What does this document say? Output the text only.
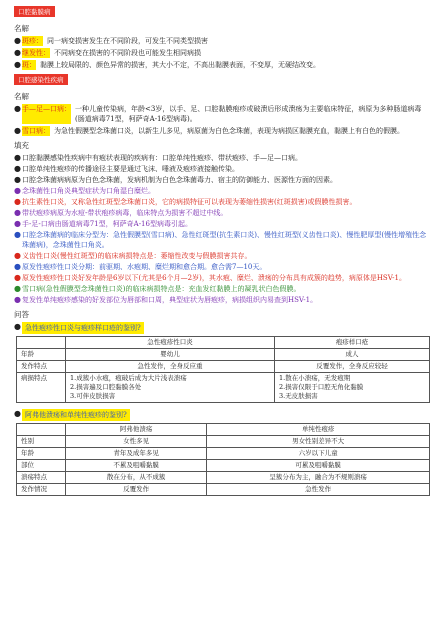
口腔黏膜病
名解
● 斑疹： 同一病变损害发生在不同阶段，可发生不同类型损害
● 继发性： 不同病变在损害的不同阶段也可能发生相同病损
● 斑： 黏膜上较局限的、颜色异常的损害，其大小不定，不高出黏膜表面，不变厚，无硬结改变。
口腔感染性疾病
名解
● 手—足—口病： 一种儿童传染病，年龄<3岁，以手、足、口腔黏膜疱疹或破溃后形成溃疡为主要临床特征，病原为多种肠道病毒(肠道病毒71型，柯萨奇A-16型病毒)。
● 雪口病： 为急性假膜型念珠菌口炎，以新生儿多见，病原菌为白色念珠菌，表现为病损区黏膜充血，黏膜上有白色的假膜。
填充
● 口腔黏膜感染性疾病中有疱状表现的疾病有：口腔单纯性疱疹、带状疱疹、手—足—口病。
● 口腔单纯性疱疹的传播途径主要是通过飞沫、唾液及疱疹液接触传染。
● 口腔念珠菌病病原为白色念珠菌，发病机制为白色念珠菌毒力、宿主的防御能力、医源性方面的因素。
● 念珠菌性口角炎典型症状为口角湿白糜烂。
● 抗生素性口炎，又称急性红斑型念珠菌口炎，它的病损特征可以表现为萎缩性损害(红斑损害)或假膜性损害。
● 带状疱疹病原为水痘-带状疱疹病毒，临床特点为损害不超过中线。
● 手-足-口病由肠道病毒71型，柯萨奇A-16型病毒引起。
● 口腔念珠菌病的临床分型为：急性假膜型(雪口病)、急性红斑型(抗生素口炎)、慢性红斑型(义齿性口炎)、慢性肥厚型(慢性增殖性念珠菌病)，念珠菌性口角炎。
● 义齿性口炎(慢性红斑型)的临床病损特点是：萎缩性改变与假膜损害共存。
● 原发性疱疹性口炎分期：前驱期、水疱期、糜烂期和愈合期。愈合需7—10天。
● 原发性疱疹性口炎好发年龄是6岁以下(尤其是6个月—2岁)，其水疱、糜烂、溃疡的分布具有成簇的趋势，病原体是HSV-1。
● 雪口病(急性假膜型念珠菌性口炎)的临床病损特点是：充血发红黏膜上的凝乳状白色假膜。
● 复发性单纯疱疹感染的好发部位为唇部和口周，典型症状为唇疱疹，病损组织内易查到HSV-1。
问答
● 急性疱疹性口炎与疱疹样口疮的鉴别?
	急性疱疹性口炎	疱疹样口疮
年龄	婴幼儿	成人
发作特点	急性发作，全身反应重	反覆发作，全身反应较轻
病损特点	1.成簇小水疱，疱破后成为大片浅表溃疡
2.损害遍及口腔黏膜各处
3.可伴皮肤损害	1.散在小溃疡，无发疱期
2.损害仅限于口腔无角化黏膜
3.无皮肤损害
● 阿弗他溃疡和单纯性疱疹的鉴别?
	阿弗他溃疡	单纯性疱疹
性别	女性多见	男女性别差异不大
年龄	青年及成年多见	六岁以下儿童
部位	不累及咀嚼黏膜	可累及咀嚼黏膜
溃疡特点	散在分布，从不成簇	呈簇分布为主，融合为不规则溃疡
发作情况	反覆发作	急性发作
